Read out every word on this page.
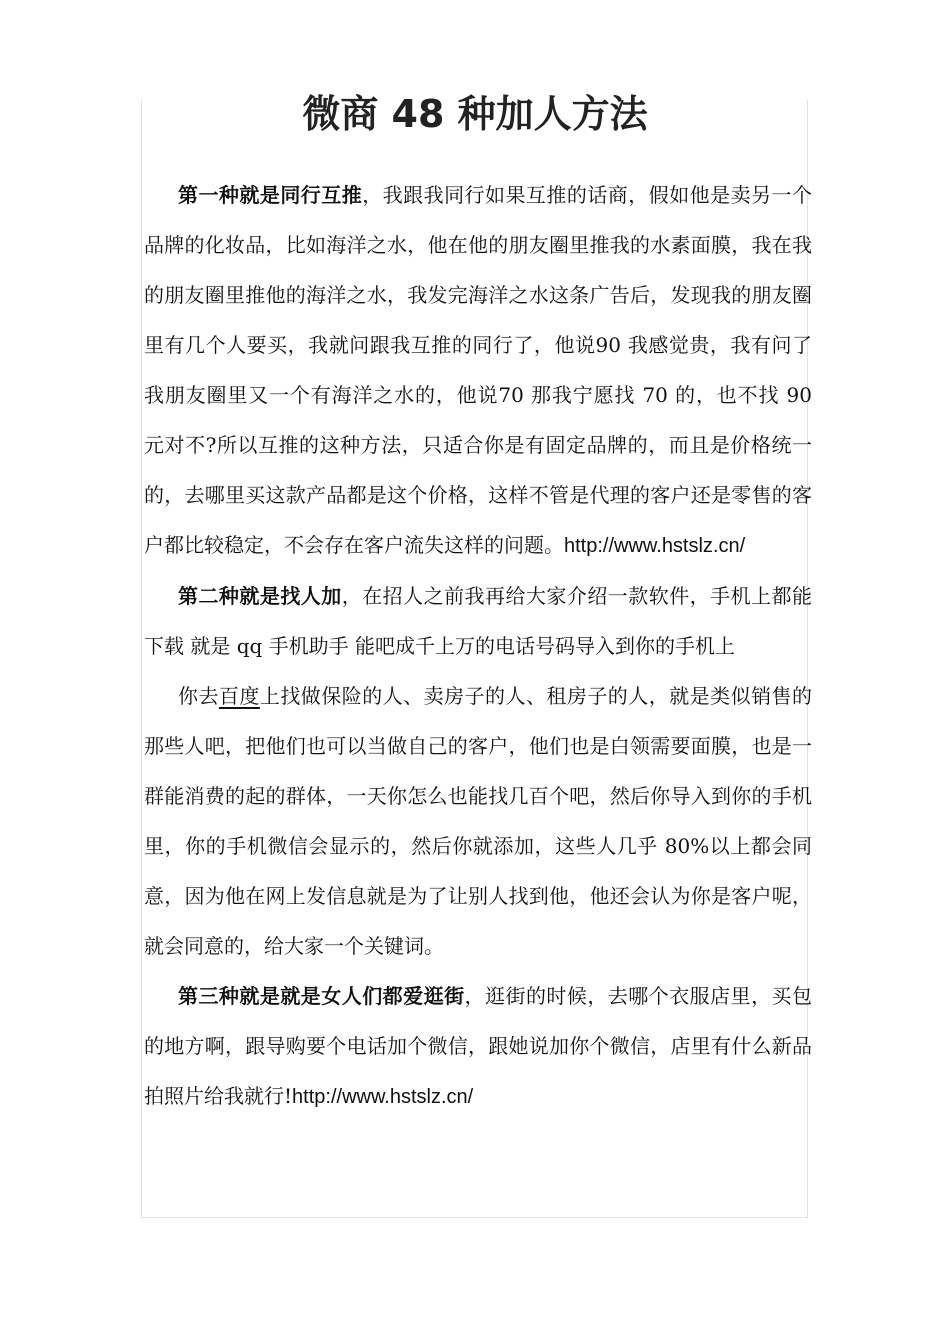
微商 48 种加人方法

第一种就是同行互推，我跟我同行如果互推的话商，假如他是卖另一个品牌的化妆品，比如海洋之水，他在他的朋友圈里推我的水素面膜，我在我的朋友圈里推他的海洋之水，我发完海洋之水这条广告后，发现我的朋友圈里有几个人要买，我就问跟我互推的同行了，他说90 我感觉贵，我有问了我朋友圈里又一个有海洋之水的，他说70 那我宁愿找 70 的，也不找 90 元对不?所以互推的这种方法，只适合你是有固定品牌的，而且是价格统一的，去哪里买这款产品都是这个价格，这样不管是代理的客户还是零售的客户都比较稳定，不会存在客户流失这样的问题。http://www.hstslz.cn/

第二种就是找人加，在招人之前我再给大家介绍一款软件，手机上都能下载 就是 qq 手机助手 能吧成千上万的电话号码导入到你的手机上

你去百度上找做保险的人、卖房子的人、租房子的人，就是类似销售的那些人吧，把他们也可以当做自己的客户，他们也是白领需要面膜，也是一群能消费的起的群体，一天你怎么也能找几百个吧，然后你导入到你的手机里，你的手机微信会显示的，然后你就添加，这些人几乎 80%以上都会同意，因为他在网上发信息就是为了让别人找到他，他还会认为你是客户呢，就会同意的，给大家一个关键词。

第三种就是就是女人们都爱逛街，逛街的时候，去哪个衣服店里，买包的地方啊，跟导购要个电话加个微信，跟她说加你个微信，店里有什么新品拍照片给我就行!http://www.hstslz.cn/
